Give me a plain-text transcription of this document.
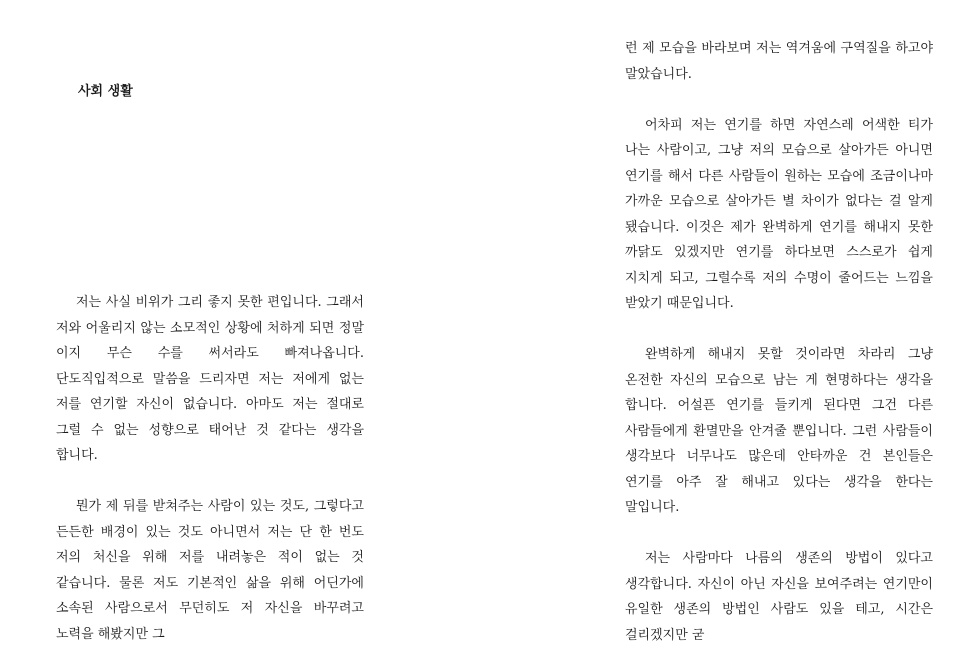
사회 생활

저는 사실 비위가 그리 좋지 못한 편입니다. 그래서 저와 어울리지 않는 소모적인 상황에 처하게 되면 정말 이지 무슨 수를 써서라도 빠져나옵니다. 단도직입적으로 말씀을 드리자면 저는 저에게 없는 저를 연기할 자신이 없습니다. 아마도 저는 절대로 그럴 수 없는 성향으로 태어난 것 같다는 생각을 합니다.

뭔가 제 뒤를 받쳐주는 사람이 있는 것도, 그렇다고 든든한 배경이 있는 것도 아니면서 저는 단 한 번도 저의 처신을 위해 저를 내려놓은 적이 없는 것 같습니다. 물론 저도 기본적인 삶을 위해 어딘가에 소속된 사람으로서 무던히도 저 자신을 바꾸려고 노력을 해봤지만 그

런 제 모습을 바라보며 저는 역겨움에 구역질을 하고야 말았습니다.

어차피 저는 연기를 하면 자연스레 어색한 티가 나는 사람이고, 그냥 저의 모습으로 살아가든 아니면 연기를 해서 다른 사람들이 원하는 모습에 조금이나마 가까운 모습으로 살아가든 별 차이가 없다는 걸 알게 됐습니다. 이것은 제가 완벽하게 연기를 해내지 못한 까닭도 있겠지만 연기를 하다보면 스스로가 쉽게 지치게 되고, 그럴수록 저의 수명이 줄어드는 느낌을 받았기 때문입니다.

완벽하게 해내지 못할 것이라면 차라리 그냥 온전한 자신의 모습으로 남는 게 현명하다는 생각을 합니다. 어설픈 연기를 들키게 된다면 그건 다른 사람들에게 환멸만을 안겨줄 뿐입니다. 그런 사람들이 생각보다 너무나도 많은데 안타까운 건 본인들은 연기를 아주 잘 해내고 있다는 생각을 한다는 말입니다.

저는 사람마다 나름의 생존의 방법이 있다고 생각합니다. 자신이 아닌 자신을 보여주려는 연기만이 유일한 생존의 방법인 사람도 있을 테고, 시간은 걸리겠지만 굳
